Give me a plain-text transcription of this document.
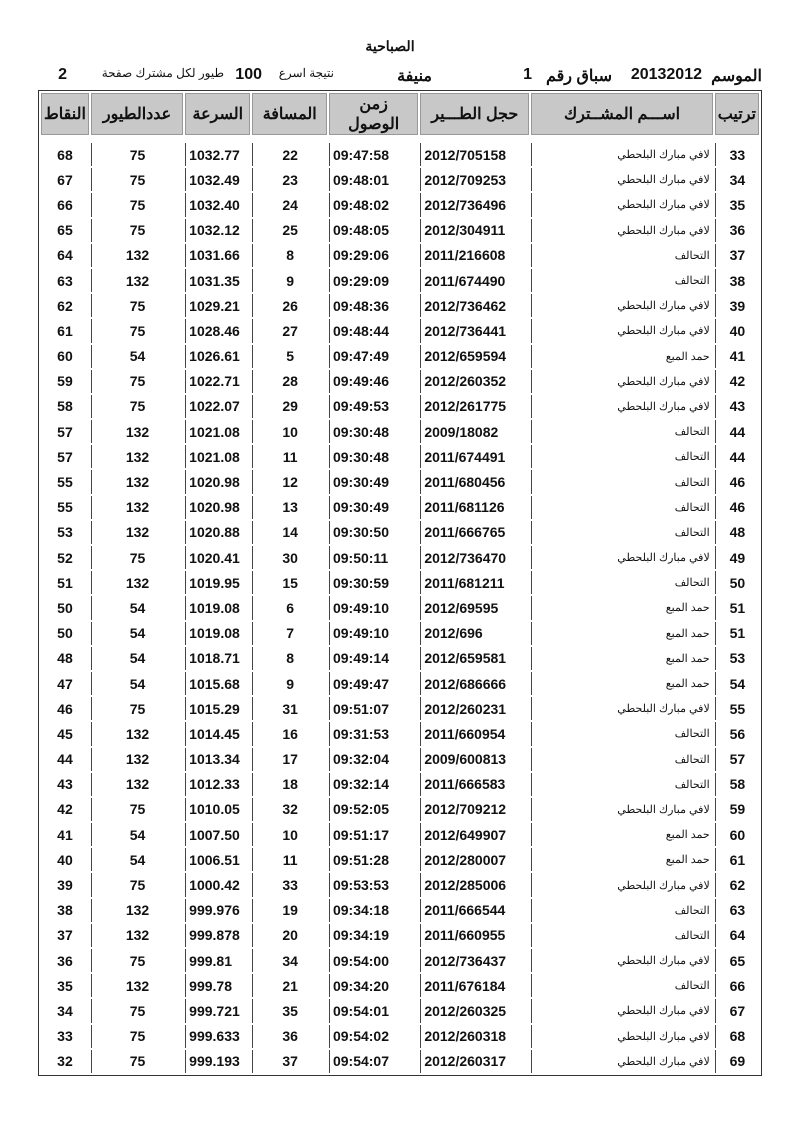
الصباحية
الموسم
20132012
سباق رقم
1
منيفة
نتيجة اسرع
100
طيور لكل مشترك صفحة
2
ترتيب	اســـم المشــترك	حجل الطـــير	زمن الوصول	المسافة	السرعة	عددالطيور	النقاط

33	لافي مبارك البلحطي	2012/705158	09:47:58	22	1032.77	75	68
34	لافي مبارك البلحطي	2012/709253	09:48:01	23	1032.49	75	67
35	لافي مبارك البلحطي	2012/736496	09:48:02	24	1032.40	75	66
36	لافي مبارك البلحطي	2012/304911	09:48:05	25	1032.12	75	65
37	التحالف	2011/216608	09:29:06	8	1031.66	132	64
38	التحالف	2011/674490	09:29:09	9	1031.35	132	63
39	لافي مبارك البلحطي	2012/736462	09:48:36	26	1029.21	75	62
40	لافي مبارك البلحطي	2012/736441	09:48:44	27	1028.46	75	61
41	حمد المبع	2012/659594	09:47:49	5	1026.61	54	60
42	لافي مبارك البلحطي	2012/260352	09:49:46	28	1022.71	75	59
43	لافي مبارك البلحطي	2012/261775	09:49:53	29	1022.07	75	58
44	التحالف	2009/18082	09:30:48	10	1021.08	132	57
44	التحالف	2011/674491	09:30:48	11	1021.08	132	57
46	التحالف	2011/680456	09:30:49	12	1020.98	132	55
46	التحالف	2011/681126	09:30:49	13	1020.98	132	55
48	التحالف	2011/666765	09:30:50	14	1020.88	132	53
49	لافي مبارك البلحطي	2012/736470	09:50:11	30	1020.41	75	52
50	التحالف	2011/681211	09:30:59	15	1019.95	132	51
51	حمد المبع	2012/69595	09:49:10	6	1019.08	54	50
51	حمد المبع	2012/696	09:49:10	7	1019.08	54	50
53	حمد المبع	2012/659581	09:49:14	8	1018.71	54	48
54	حمد المبع	2012/686666	09:49:47	9	1015.68	54	47
55	لافي مبارك البلحطي	2012/260231	09:51:07	31	1015.29	75	46
56	التحالف	2011/660954	09:31:53	16	1014.45	132	45
57	التحالف	2009/600813	09:32:04	17	1013.34	132	44
58	التحالف	2011/666583	09:32:14	18	1012.33	132	43
59	لافي مبارك البلحطي	2012/709212	09:52:05	32	1010.05	75	42
60	حمد المبع	2012/649907	09:51:17	10	1007.50	54	41
61	حمد المبع	2012/280007	09:51:28	11	1006.51	54	40
62	لافي مبارك البلحطي	2012/285006	09:53:53	33	1000.42	75	39
63	التحالف	2011/666544	09:34:18	19	999.976	132	38
64	التحالف	2011/660955	09:34:19	20	999.878	132	37
65	لافي مبارك البلحطي	2012/736437	09:54:00	34	999.81	75	36
66	التحالف	2011/676184	09:34:20	21	999.78	132	35
67	لافي مبارك البلحطي	2012/260325	09:54:01	35	999.721	75	34
68	لافي مبارك البلحطي	2012/260318	09:54:02	36	999.633	75	33
69	لافي مبارك البلحطي	2012/260317	09:54:07	37	999.193	75	32
